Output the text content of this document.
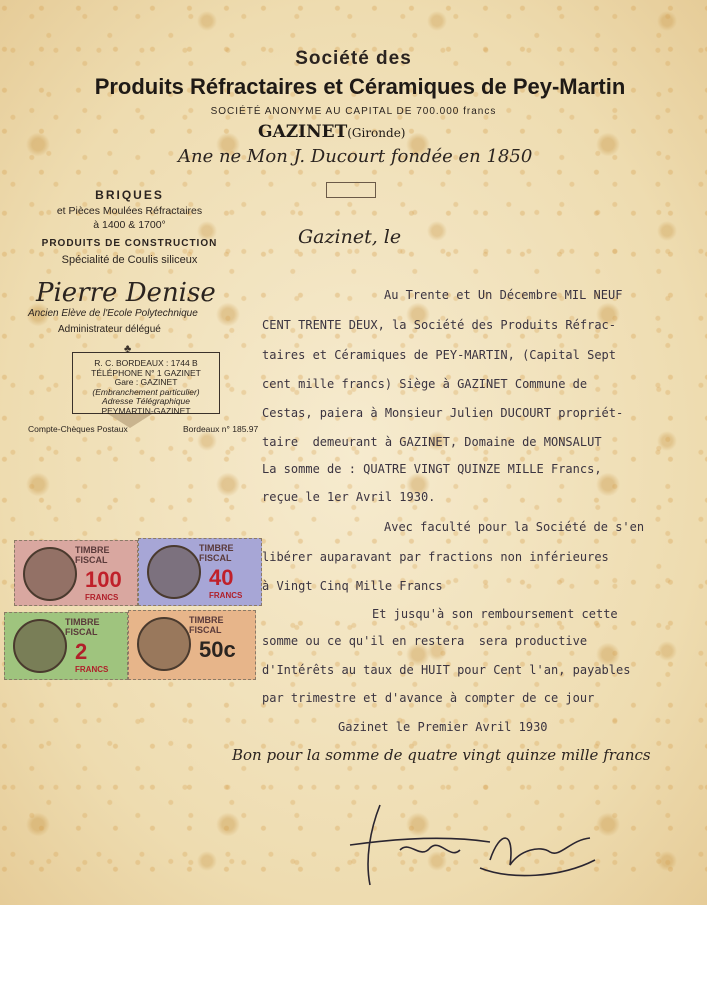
Société des
Produits Réfractaires et Céramiques de Pey-Martin
SOCIÉTÉ ANONYME AU CAPITAL DE 700.000 francs
GAZINET(Gironde)
Ane ne Mon J. Ducourt fondée en 1850
BRIQUES
et Pièces Moulées Réfractaires
à 1400 & 1700°
PRODUITS DE CONSTRUCTION
Spécialité de Coulis siliceux
Pierre Denise
Ancien Elève de l'Ecole Polytechnique
Administrateur délégué
♣
R. C. BORDEAUX : 1744 B
TÉLÉPHONE N° 1 GAZINET
Gare : GAZINET
(Embranchement particulier)
Adresse Télégraphique
PEYMARTIN-GAZINET
Compte-Chèques Postaux	Bordeaux n° 185.97
Gazinet, le
Au Trente et Un Décembre MIL NEUF
CENT TRENTE DEUX, la Société des Produits Réfrac-
taires et Céramiques de PEY-MARTIN, (Capital Sept
cent mille francs) Siège à GAZINET Commune de
Cestas, paiera à Monsieur Julien DUCOURT propriét-
taire  demeurant à GAZINET, Domaine de MONSALUT
La somme de : QUATRE VINGT QUINZE MILLE Francs,
reçue le 1er Avril 1930.
Avec faculté pour la Société de s'en
libérer auparavant par fractions non inférieures
à Vingt Cinq Mille Francs
Et jusqu'à son remboursement cette
somme ou ce qu'il en restera  sera productive
d'Intérêts au taux de HUIT pour Cent l'an, payables
par trimestre et d'avance à compter de ce jour
Gazinet le Premier Avril 1930
Bon pour la somme de quatre vingt quinze mille francs
TIMBRE FISCAL
100
FRANCS
TIMBRE FISCAL
40
FRANCS
TIMBRE FISCAL
2
FRANCS
TIMBRE FISCAL
50c
